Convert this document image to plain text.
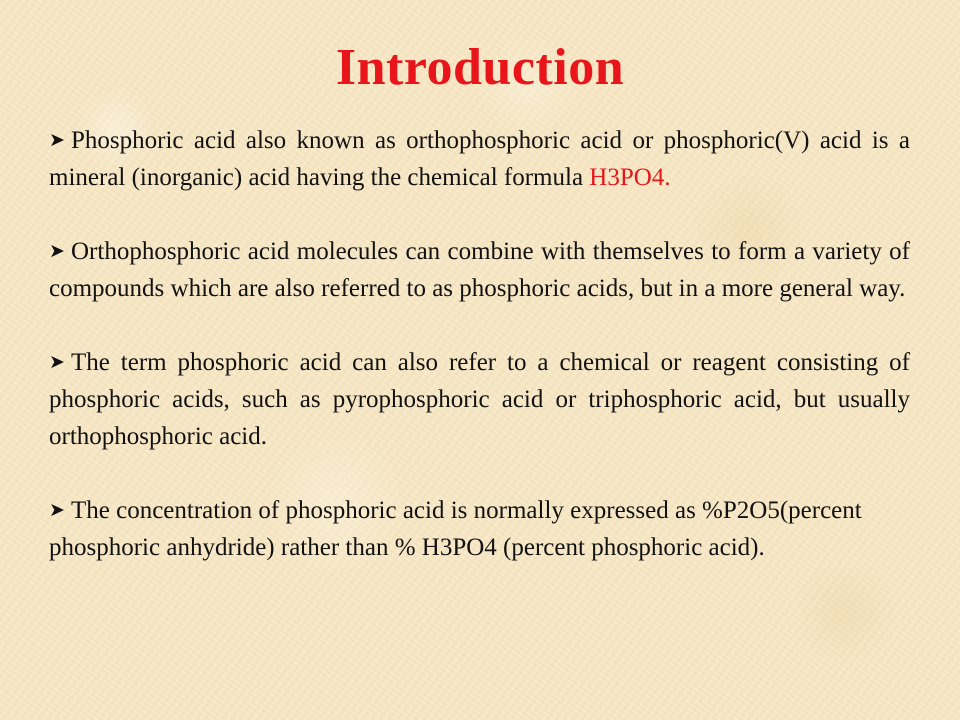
Introduction
➤ Phosphoric acid also known as orthophosphoric acid or phosphoric(V) acid is a mineral (inorganic) acid having the chemical formula H3PO4.
➤ Orthophosphoric acid molecules can combine with themselves to form a variety of compounds which are also referred to as phosphoric acids, but in a more general way.
➤ The term phosphoric acid can also refer to a chemical or reagent consisting of phosphoric acids, such as pyrophosphoric acid or triphosphoric acid, but usually orthophosphoric acid.
➤ The concentration of phosphoric acid is normally expressed as %P2O5(percent phosphoric anhydride) rather than % H3PO4 (percent phosphoric acid).
